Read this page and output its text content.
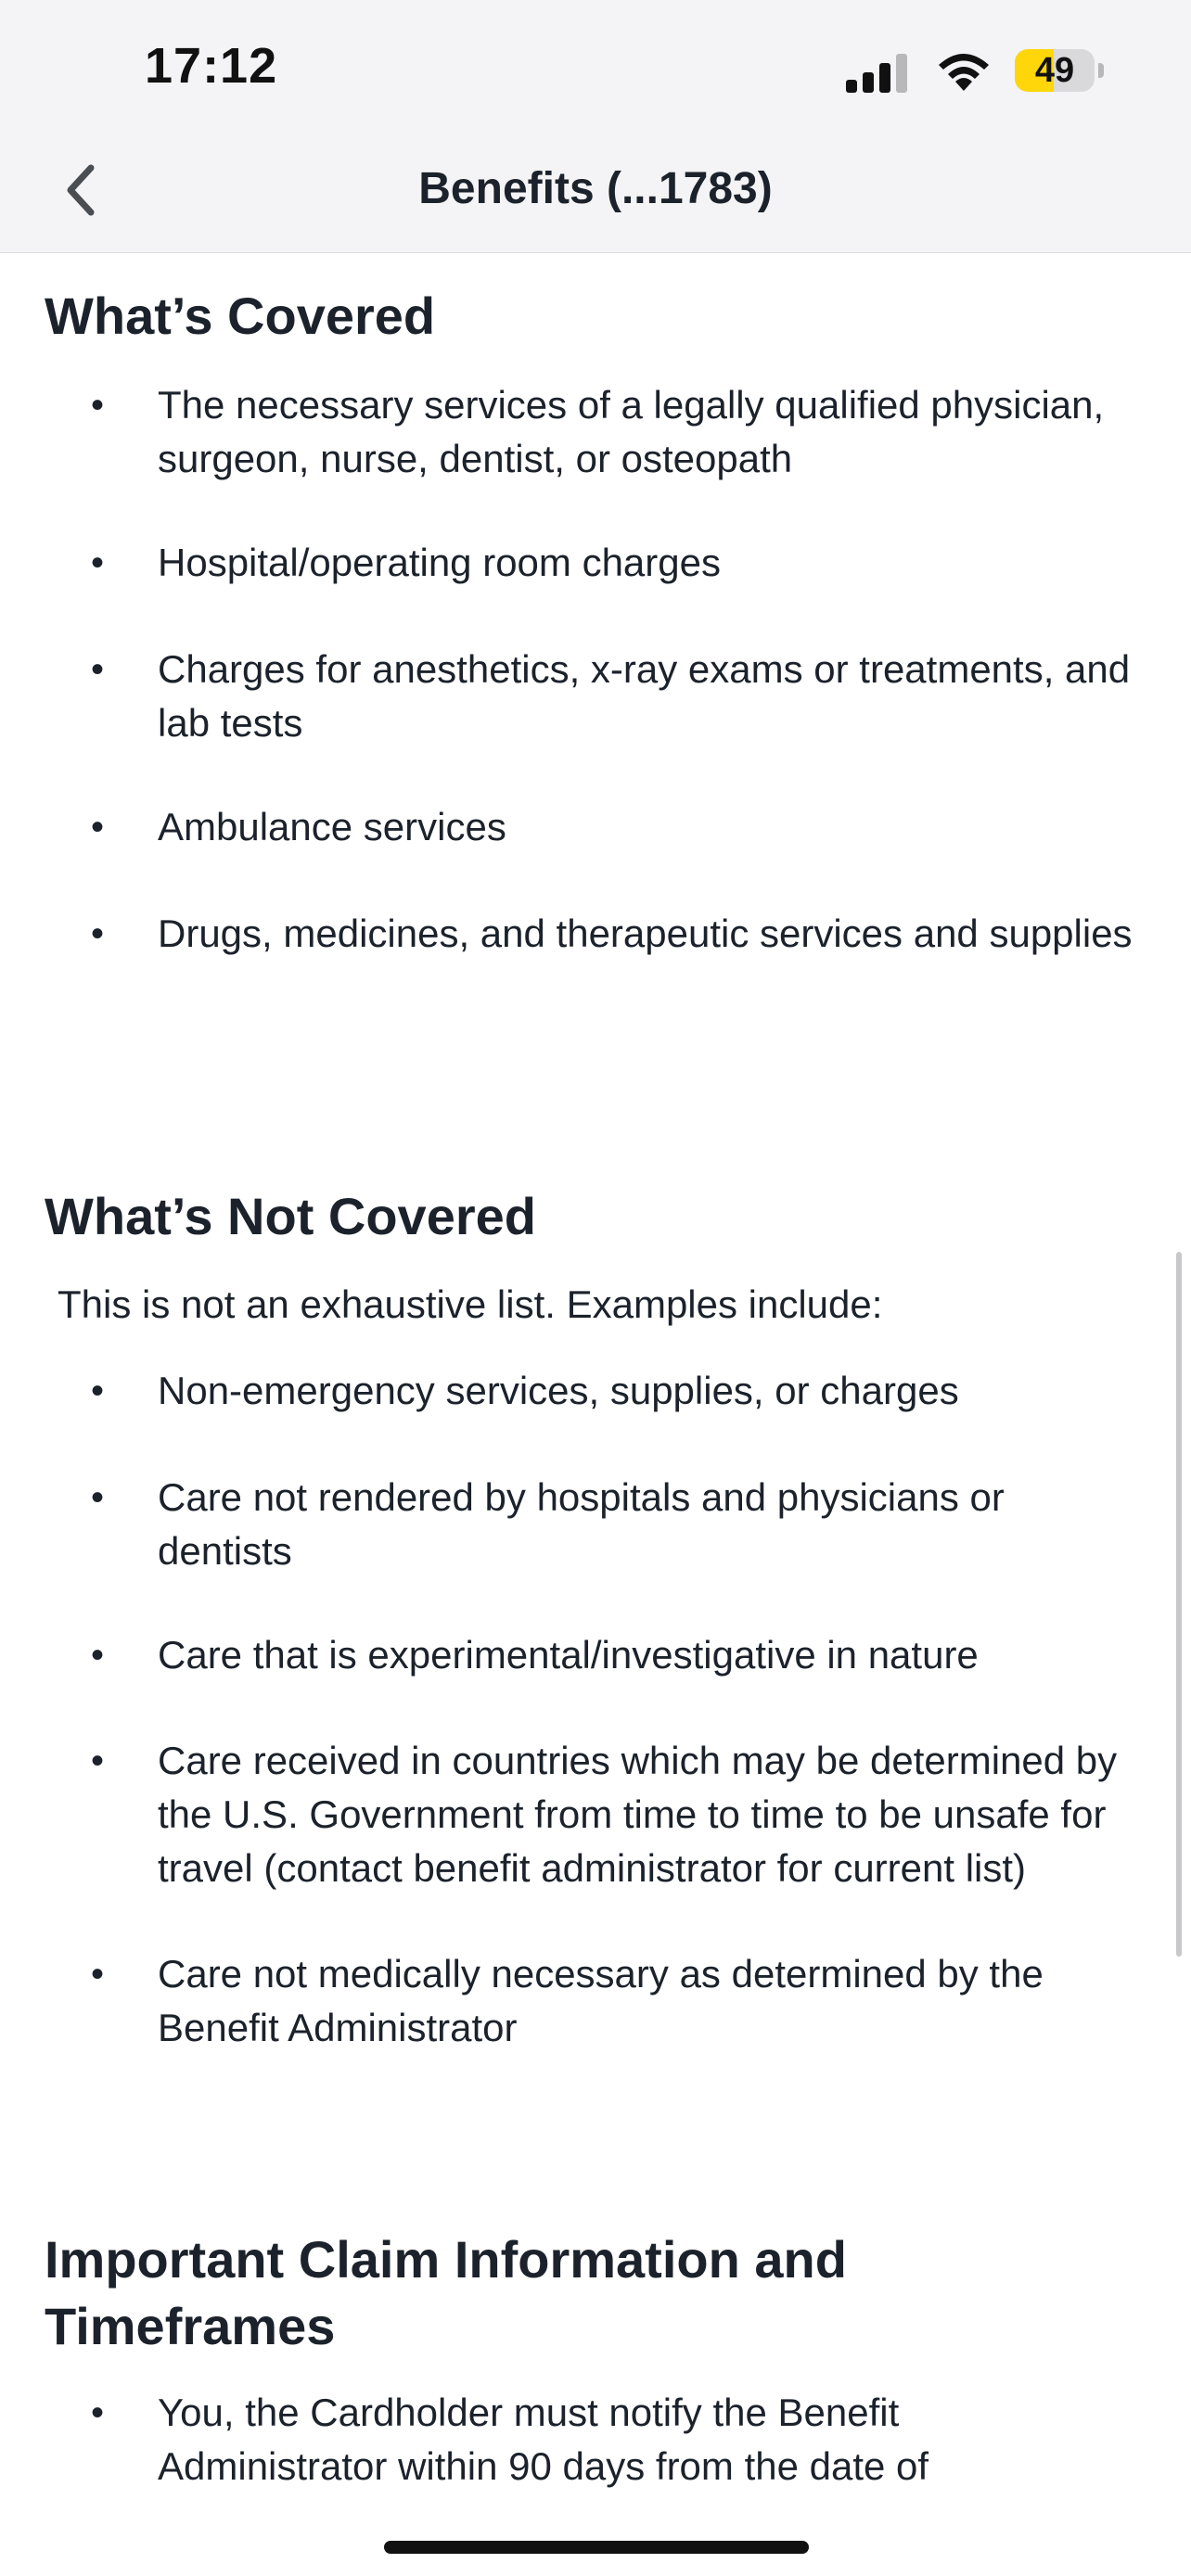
17:12	49
Benefits (...1783)
What’s Covered
• The necessary services of a legally qualified physician, surgeon, nurse, dentist, or osteopath
• Hospital/operating room charges
• Charges for anesthetics, x-ray exams or treatments, and lab tests
• Ambulance services
• Drugs, medicines, and therapeutic services and supplies
What’s Not Covered
This is not an exhaustive list. Examples include:
• Non-emergency services, supplies, or charges
• Care not rendered by hospitals and physicians or dentists
• Care that is experimental/investigative in nature
• Care received in countries which may be determined by the U.S. Government from time to time to be unsafe for travel (contact benefit administrator for current list)
• Care not medically necessary as determined by the Benefit Administrator
Important Claim Information and Timeframes
• You, the Cardholder must notify the Benefit Administrator within 90 days from the date of
